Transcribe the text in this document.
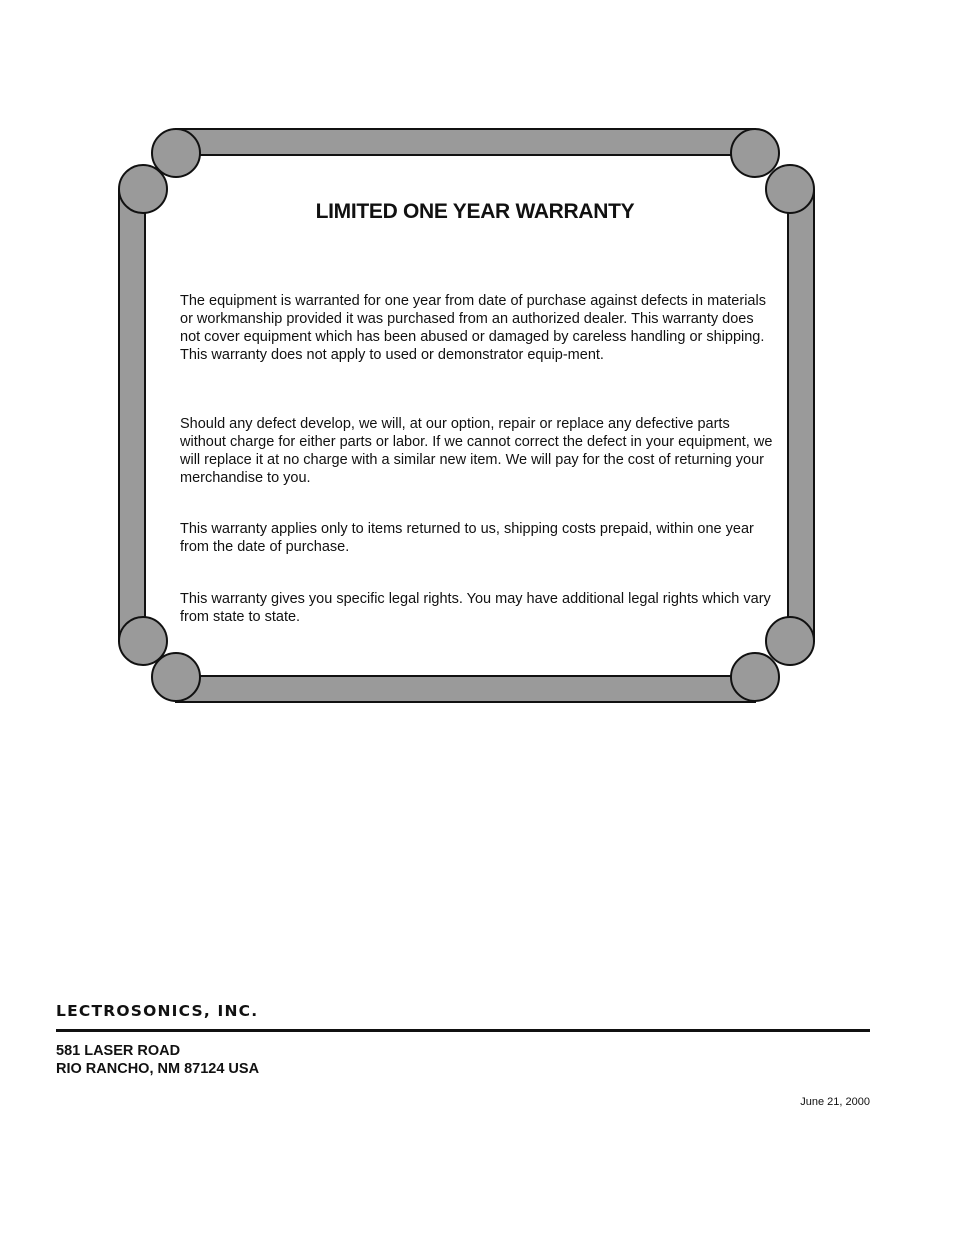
LIMITED ONE YEAR WARRANTY

The equipment is warranted for one year from date of purchase against defects in materials or workmanship provided it was purchased from an authorized dealer. This warranty does not cover equipment which has been abused or damaged by careless handling or shipping. This warranty does not apply to used or demonstrator equip-ment.

Should any defect develop, we will, at our option, repair or replace any defective parts without charge for either parts or labor. If we cannot correct the defect in your equipment, we will replace it at no charge with a similar new item. We will pay for the cost of returning your merchandise to you.

This warranty applies only to items returned to us, shipping costs prepaid, within one year from the date of purchase.

This warranty gives you specific legal rights. You may have additional legal rights which vary from state to state.

LECTROSONICS, INC.
581 LASER ROAD
RIO RANCHO, NM 87124 USA
June 21, 2000
